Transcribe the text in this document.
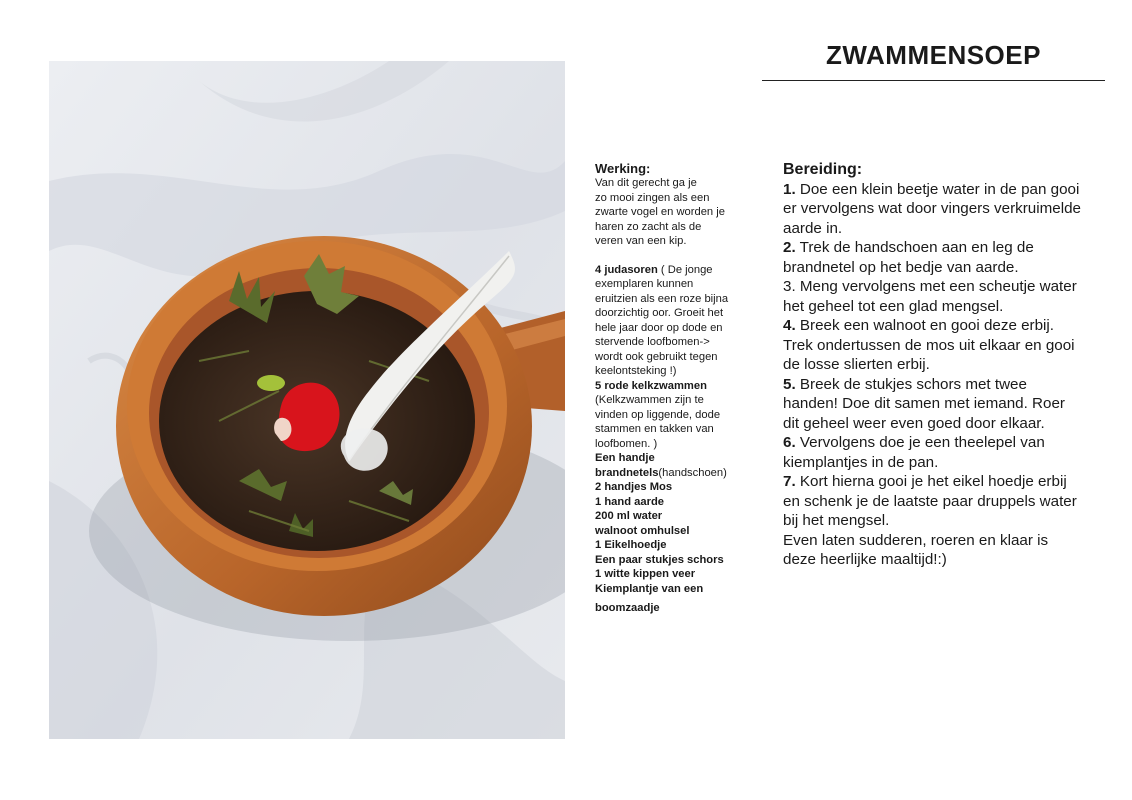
ZWAMMENSOEP

Werking:

Van dit gerecht ga je

zo mooi zingen als een

zwarte vogel en worden je

haren zo zacht als de

veren van een kip.

4 judasoren ( De jonge

exemplaren kunnen

eruitzien als een roze bijna

doorzichtig oor. Groeit het

hele jaar door op dode en

stervende loofbomen->

wordt ook gebruikt tegen

keelontsteking !)

5 rode kelkzwammen

(Kelkzwammen zijn te

vinden op liggende, dode

stammen en takken van

loofbomen. )

Een handje

brandnetels(handschoen)

2 handjes Mos

1 hand aarde

200 ml water

walnoot omhulsel

1 Eikelhoedje

Een paar stukjes schors

1 witte kippen veer

Kiemplantje van een

boomzaadje

Bereiding:

1. Doe een klein beetje water in de pan gooi er vervolgens wat door vingers verkruimelde aarde in.

2. Trek de handschoen aan en leg de brandnetel op het bedje van aarde.

3. Meng vervolgens met een scheutje water het geheel tot een glad mengsel.

4. Breek een walnoot en gooi deze erbij. Trek ondertussen de mos uit elkaar en gooi de losse slierten erbij.

5. Breek de stukjes schors met twee handen! Doe dit samen met iemand. Roer dit geheel weer even goed door elkaar.

6. Vervolgens doe je een theelepel van kiemplantjes in de pan.

7. Kort hierna gooi je het eikel hoedje erbij en schenk je de laatste paar druppels water bij het mengsel.

Even laten sudderen, roeren en klaar is deze heerlijke maaltijd!:)
